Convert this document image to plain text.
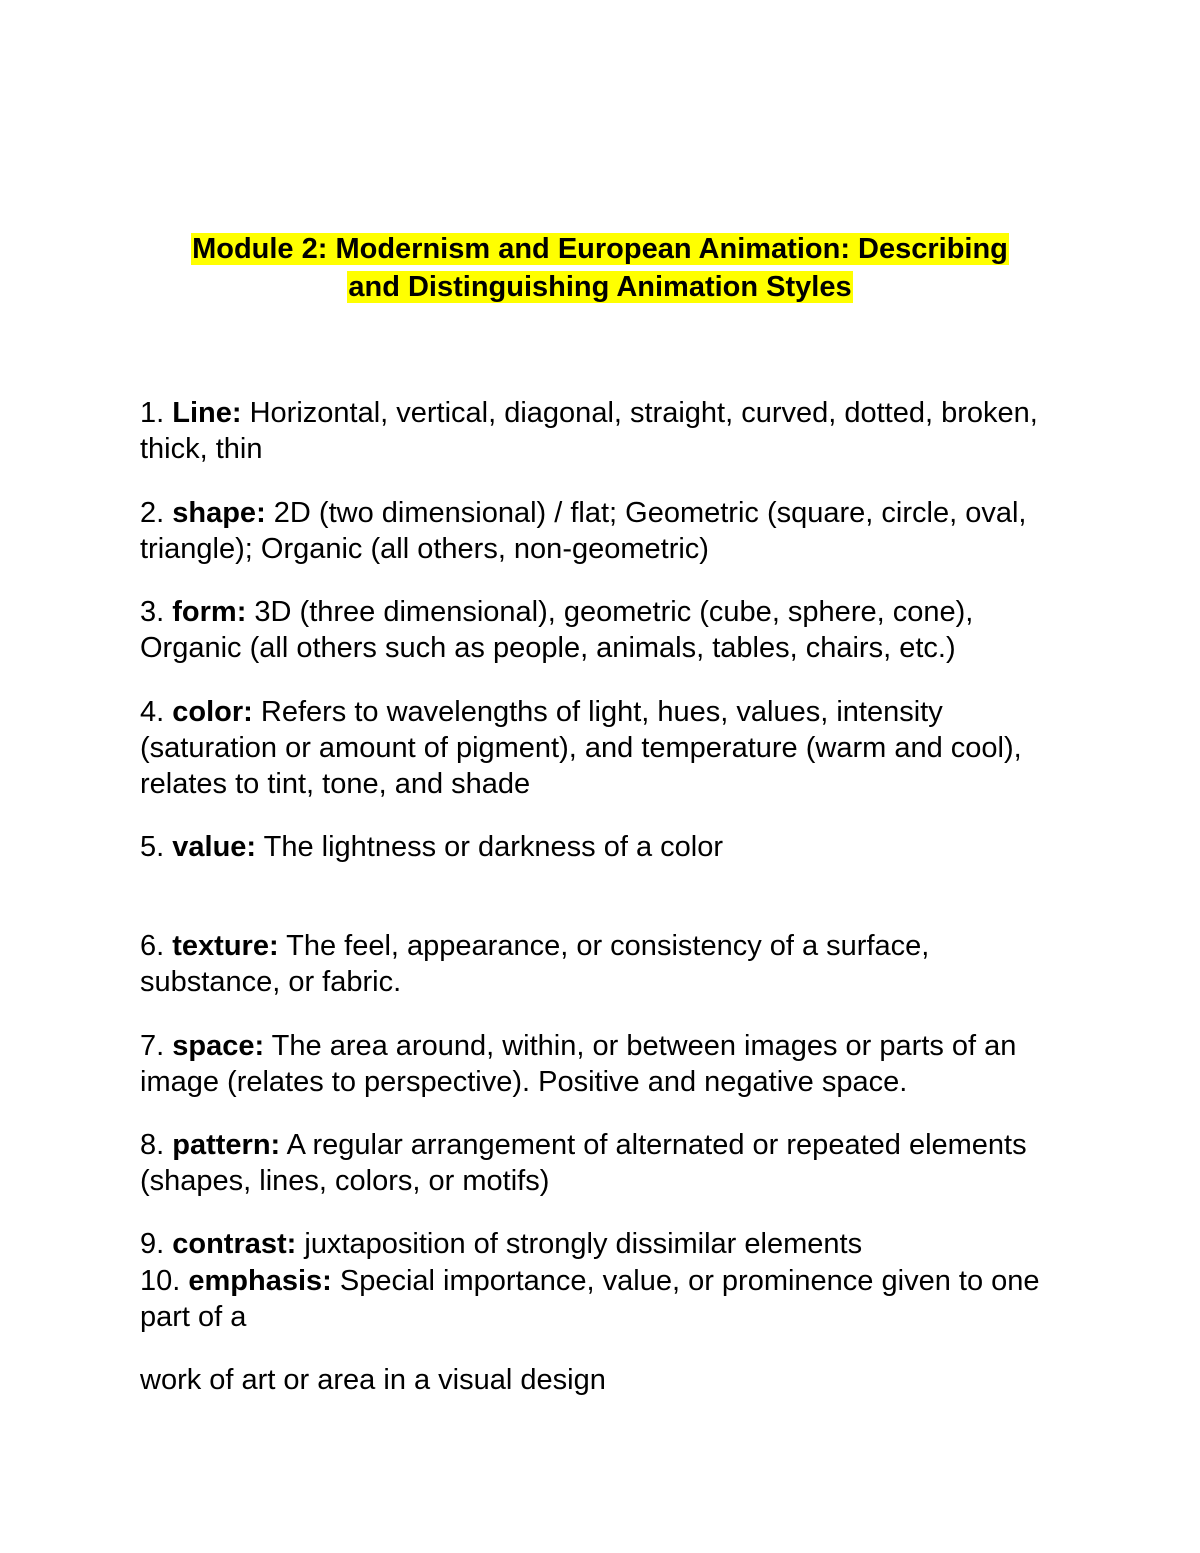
Module 2: Modernism and European Animation: Describing
and Distinguishing Animation Styles

1. Line: Horizontal, vertical, diagonal, straight, curved, dotted, broken, thick, thin

2. shape: 2D (two dimensional) / flat; Geometric (square, circle, oval, triangle); Organic (all others, non-geometric)

3. form: 3D (three dimensional), geometric (cube, sphere, cone), Organic (all others such as people, animals, tables, chairs, etc.)

4. color: Refers to wavelengths of light, hues, values, intensity (saturation or amount of pigment), and temperature (warm and cool), relates to tint, tone, and shade

5. value: The lightness or darkness of a color

6. texture: The feel, appearance, or consistency of a surface, substance, or fabric.

7. space: The area around, within, or between images or parts of an image (relates to perspective). Positive and negative space.

8. pattern: A regular arrangement of alternated or repeated elements (shapes, lines, colors, or motifs)

9. contrast: juxtaposition of strongly dissimilar elements

10. emphasis: Special importance, value, or prominence given to one part of a

work of art or area in a visual design
